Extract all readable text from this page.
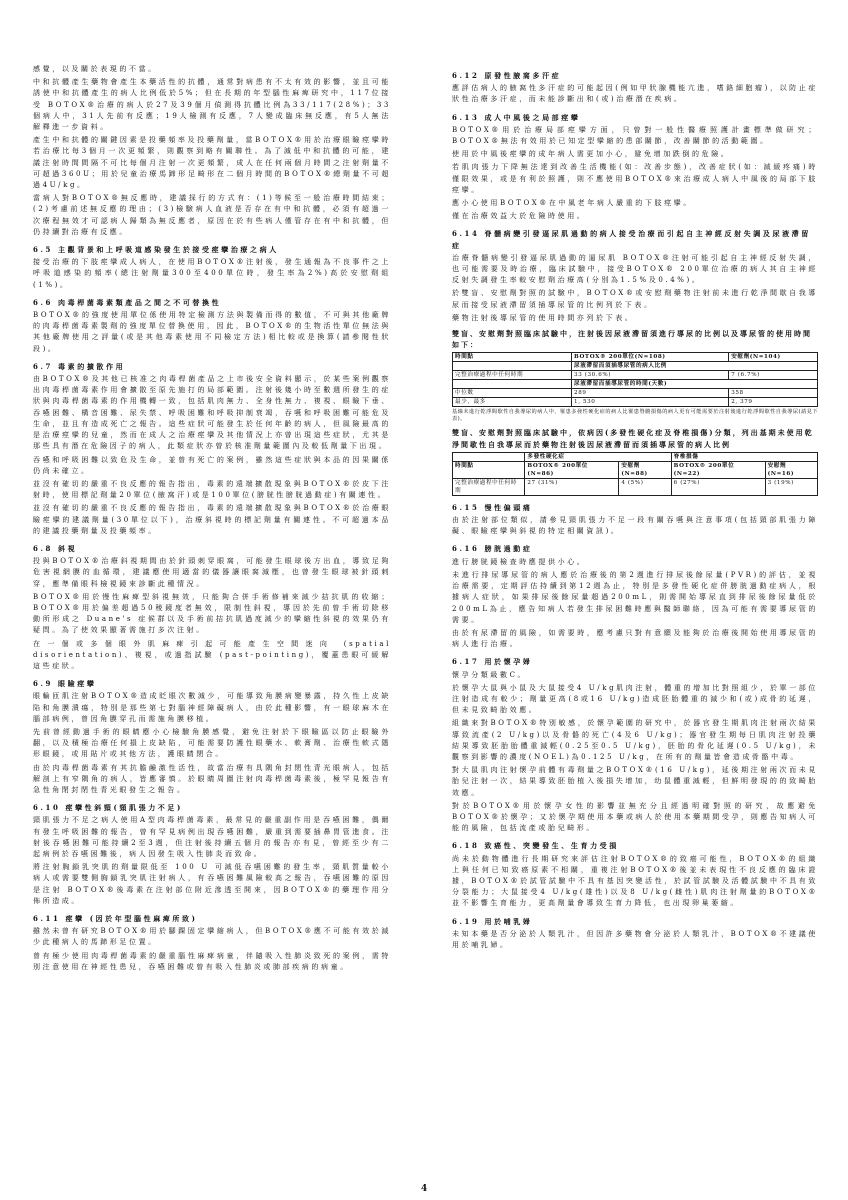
感覺，以及關於表現的不當。

中和抗體產生藥物會產生本藥活性的抗體，通常對病患有不太有效的影響，並且可能誘使中和抗體產生的病人比例低於5%；但在長期的年型腦性麻痺研究中，117位接受 BOTOX®治療的病人於27及39個月偵測得抗體比例為33/117(28%)；33個病人中，31人先前有反應；19人檢測有反應，7人變成臨床無反應，有5人無法解釋進一步資料。

產生中和抗體的關鍵因素是投藥頻率及投藥劑量，當BOTOX®用於治療眼瞼痙攣時若治療比每3個月一次更頻繁，則觀察到略有關聯性。為了減低中和抗體的可能，建議注射時間間隔不可比每個月注射一次更頻繁，成人在任何兩個月時間之注射劑量不可超過360U；用於兒童治療馬蹄形足畸形在二個月時間的BOTOX®總劑量不可超過4U/kg。

當病人對BOTOX®無反應時，建議採行的方式有：(1)等候至一般治療時間結束；(2)考慮前述無反應的理由；(3)檢驗病人血液是否存在有中和抗體，必須有超過一次療程無效才可認病人歸類為無反應者，原因在於有些病人僅管存在有中和抗體，但仍持續對治療有反應。

6.5 主觀背景和上呼吸道感染發生於接受痙攣治療之病人

接受治療的下肢痙攣成人病人，在使用BOTOX®注射後，發生通報為不良事件之上呼吸道感染的頻率(總注射劑量300至400單位時，發生率為2%)高於安慰劑組(1%)。

6.6 肉毒桿菌毒素類產品之間之不可替換性

BOTOX®的強度使用單位係使用特定檢測方法與製備而得的數值，不可與其他廠牌的肉毒桿菌毒素製劑的強度單位替換使用，因此，BOTOX®的生物活性單位無法與其他廠牌使用之評量(或是其他毒素使用不同檢定方法)相比較或是換算(請參閱性狀段)。

6.7 毒素的擴散作用

由BOTOX®及其他已核准之肉毒桿菌產品之上市後安全資料顯示，於某些案例觀察出肉毒桿菌毒素作用會擴散至原先施打的局部範圍。注射後幾小時至數週所發生的症狀與肉毒桿菌毒素的作用機轉一致，包括肌肉無力、全身性無力、複視、眼瞼下垂、吞嚥困難、構音困難、尿失禁、呼吸困難和呼吸抑制衰竭，吞嚥和呼吸困難可能危及生命，並且有造成死亡之報告。這些症狀可能發生於任何年齡的病人，但風險最高的是治療痙攣的兒童，然而在成人之治療痙攣及其他情況上亦曾出現這些症狀，尤其是那些具有潛在危險因子的病人，此類症狀亦曾於核准劑量範圍內及較低劑量下出現。

吞嚥和呼吸困難以致危及生命，並曾有死亡的案例，雖然這些症狀與本品的因果關係仍尚未確立。

並沒有確切的嚴重不良反應的報告指出，毒素的遠端擴散現象與BOTOX®於皮下注射時，使用標記劑量20單位(腋窩汗)或是100單位(膀胱性膀胱過動症)有關連性。

並沒有確切的嚴重不良反應的報告指出，毒素的遠端擴散現象與BOTOX®於治療眼瞼痙攣的建議劑量(30單位以下)，治療斜視時的標記劑量有關連性。不可超過本品的建議投藥劑量及投藥頻率。

6.8 斜視

投與BOTOX®治療斜視期間由於針頭刺穿眼窩，可能發生眼球後方出血，導致足夠危害視網膜的血循環，建議應使用適當的儀器讓眼窩減壓，也曾發生眼球被針頭刺穿，應準備眼科檢視鏡來診斷此種情況。

BOTOX®用於慢性麻痺型斜視無效，只能夠合併手術修補來減少拮抗肌的收縮；BOTOX®用於偏差超過50稜鏡度者無效，限制性斜視，導因於先前曾手術切除移動所形成之 Duane's 症候群以及手術前拮抗肌過度減少的攣縮性斜視的效果仍有疑問。為了使效果顯著需施打多次注射。

在一個或多個眼外肌麻痺引起可能產生空間迷向 (spatial disorientation)、複視，或過指試驗 (past-pointing)，覆蓋患眼可緩解這些症狀。

6.9 眼瞼痙攣

眼輪匝肌注射BOTOX®造成眨眼次數減少，可能導致角膜病變暴露，持久性上皮缺陷和角膜潰瘍，特別是那些第七對腦神經障礙病人，由於此種影響，有一眼球麻木在腦部病例，曾因角膜穿孔而需施角膜移植。

先前曾經動過手術的眼睛應小心檢驗角膜感覺，避免注射於下眼瞼區以防止眼瞼外翻，以及積極治療任何損上皮缺陷，可能需要防護性眼藥水、軟膏劑、治療性軟式隱形眼鏡，或用貼片或其他方法，護眼睛閉合。

由於肉毒桿菌毒素有其抗膽鹼激性活性，故當治療有具隅角封閉性青光眼病人，包括解剖上有窄隅角的病人，皆應審慎。於眼睛周圍注射肉毒桿菌毒素後，極罕見報告有急性角閉封閉性青光眼發生之報告。

6.10 痙攣性斜頸(頸肌張力不足)

頸肌張力不足之病人使用A型肉毒桿菌毒素，最常見的嚴重副作用是吞嚥困難，偶爾有發生呼吸困難的報告，曾有罕見病例出現吞嚥困難，嚴重到需要插鼻胃管進食。注射後吞嚥困難可能持續2至3週，但注射後持續五個月的報告亦有見，曾經至少有二起病例於吞嚥困難後，病人因發生吸入性肺炎而致命。

將注射胸鎖乳突肌的劑量限低至 100 U 可減低吞嚥困難的發生率，頸肌質量較小病人或需要雙側胸鎖乳突肌注射病人，有吞嚥困難風險較高之報告，吞嚥困難的原因是注射 BOTOX®後毒素在注射部位附近滲透至開來，因BOTOX®的藥理作用分佈所造成。

6.11 痙攣 (因於年型腦性麻痺所致)

雖然未曾有研究BOTOX®用於腳踝固定攣縮病人，但BOTOX®應不可能有效於減少此種病人的馬蹄形足位置。

曾有極少使用肉毒桿菌毒素的嚴重腦性麻痺病童，伴隨吸入性肺炎致死的案例，需特別注意使用在神經性患兒，吞嚥困難或曾有吸入性肺炎或肺部疾病的病童。

6.12 原發性腋窩多汗症

應評估病人的腋窩性多汗症的可能起因(例如甲狀腺機能亢進，嗜鉻細胞瘤)，以防止症狀性治療多汗症，而未能診斷出和(或)治療潛在疾病。

6.13 成人中風後之局部痙攣

BOTOX®用於治療局部痙攣方面，只曾對一般性醫療照護計畫標準做研究；BOTOX®無法有效用於已知定型攣縮的患部關節，改善關節的活動範圍。

使用於中風後痙攣的成年病人需更加小心，避免增加跌倒的危險。

若肌肉張力下降無法達到改善生活機能(如：改善步態)，改善症狀(如：減緩疼痛)時僅限效果，或是有利於照護，則不應使用BOTOX®來治療成人病人中風後的局部下肢痙攣。

應小心使用BOTOX®在中風老年病人嚴重的下肢痙攣。

僅在治療效益大於危險時使用。

6.14 脊髓病變引發逼尿肌過動的病人接受治療而引起自主神經反射失調及尿液滯留症

治療脊髓病變引發逼尿肌過動的逼尿肌 BOTOX®注射可能引起自主神經反射失調，也可能需要及時治療，臨床試驗中，接受BOTOX® 200單位治療的病人其自主神經反射失調發生率較安慰劑治療高(分別為1.5%及0.4%)。

於雙盲、安慰劑對照的試驗中，BOTOX®或安慰劑藥物注射前未進行乾淨間歇自我導尿而接受尿液滯留須插導尿管的比例列於下表。

藥物注射後導尿管的使用時間亦列於下表。

雙盲、安慰劑對照臨床試驗中，注射後因尿液滯留須進行導尿的比例以及導尿管的使用時間如下：
時間點	BOTOX® 200單位(N=108)	安慰劑(N=104)
	尿液滯留而須插導尿管的病人比例	
完整治療過程中任何時期	33 (30.6%)	7 (6.7%)
	尿液滯留而插導尿管的時間(天數)	
中位數	289	358
最少，最多	1, 530	2, 379

基線未進行乾淨間歇性自我導尿的病人中，罹患多發性硬化症的病人比罹患脊髓損傷的病人更有可能需要於注射後進行乾淨間歇性自我導尿(請見下表)。

雙盲、安慰劑對照臨床試驗中，依病因(多發性硬化症及脊椎損傷)分類，列出基期未使用乾淨間歇性自我導尿而於藥物注射後因尿液滯留而須插導尿管的病人比例
	多發性硬化症		脊椎損傷	
時間點	BOTOX® 200單位 (N=86)	安慰劑 (N=88)	BOTOX® 200單位 (N=22)	安慰劑 (N=16)
完整治療過程中任何時期	27 (31%)	4 (5%)	6 (27%)	3 (19%)
6.15 慢性偏頭痛

由於注射部位類似，請參見頸肌張力不足一段有關吞嚥與注意事項(包括頸部肌張力障礙、眼瞼痙攣與斜視的特定相關資訊)。

6.16 膀胱過動症

進行膀胱鏡檢查時應提供小心。

未進行排尿導尿管的病人應於治療後的第2週進行排尿後餘尿量(PVR)的評估，並視治療需要，定期評估持續到第12週為止，特別是多發性硬化症併膀胱過動症病人，根據病人症狀，如果排尿後餘尿量超過200mL，則需開始導尿直到排尿後餘尿量低於200mL為止，應告知病人若發生排尿困難時應與醫師聯絡，因為可能有需要導尿管的需要。

由於有尿滯留的風險，如需要時，應考慮只對有意願及能夠於治療後開始使用導尿管的病人進行治療。

6.17 用於懷孕婦

懷孕分類級數C。

於懷孕大鼠與小鼠及大鼠接受4 U/kg肌肉注射，體重的增加比對照組少，於單一部位注射造成有較少；劑量更高(8或16 U/kg)造成胚胎體重的減少和(或)成骨的延遲，但未見致畸胎效應。

組織來對BOTOX®特別敏感，於懷孕範圍的研究中，於器官發生期肌肉注射兩次結果導致流產(2 U/kg)以及骨骼的死亡(4及6 U/kg)；器官發生期每日肌肉注射投藥結果導致胚胎胎體重減輕(0.25至0.5 U/kg)，胚胎的骨化延遲(0.5 U/kg)，未觀察到影響的濃度(NOEL)為0.125 U/kg，在所有的劑量皆會造成骨骼中毒。

對大鼠肌肉注射懷孕前體有毒劑量之BOTOX®(16 U/kg)，延後期注射兩次而未見胎兒注射一次，結果導致胚胎植入後損失增加，幼鼠體重減輕，但鮮明發現的的致畸胎效應。

對於BOTOX®用於懷孕女性的影響並無充分且經過明確對照的研究，故應避免BOTOX®於懷孕；又於懷孕期使用本藥或病人於使用本藥期間受孕，則應告知病人可能的風險，包括流產或胎兒畸形。

6.18 致癌性、突變發生、生育力受損

尚未於動物體進行長期研究來評估注射BOTOX®的致癌可能性，BOTOX®的組織上與任何已知致癌原素不相關，重複注射BOTOX®後並未表現性不良反應的臨床證據，BOTOX®於試管試驗中不具有基因突變活性，於試管試驗及活體試驗中不具有致分裂能力；大鼠接受4 U/kg(雄性)以及8 U/kg(雌性)肌肉注射劑量的BOTOX®並不影響生育能力，更高劑量會導致生育力降低，也出現卵巢萎縮。

6.19 用於哺乳婦

未知本藥是否分泌於人類乳汁，但因許多藥物會分泌於人類乳汁，BOTOX®不建議使用於哺乳婦。

4
